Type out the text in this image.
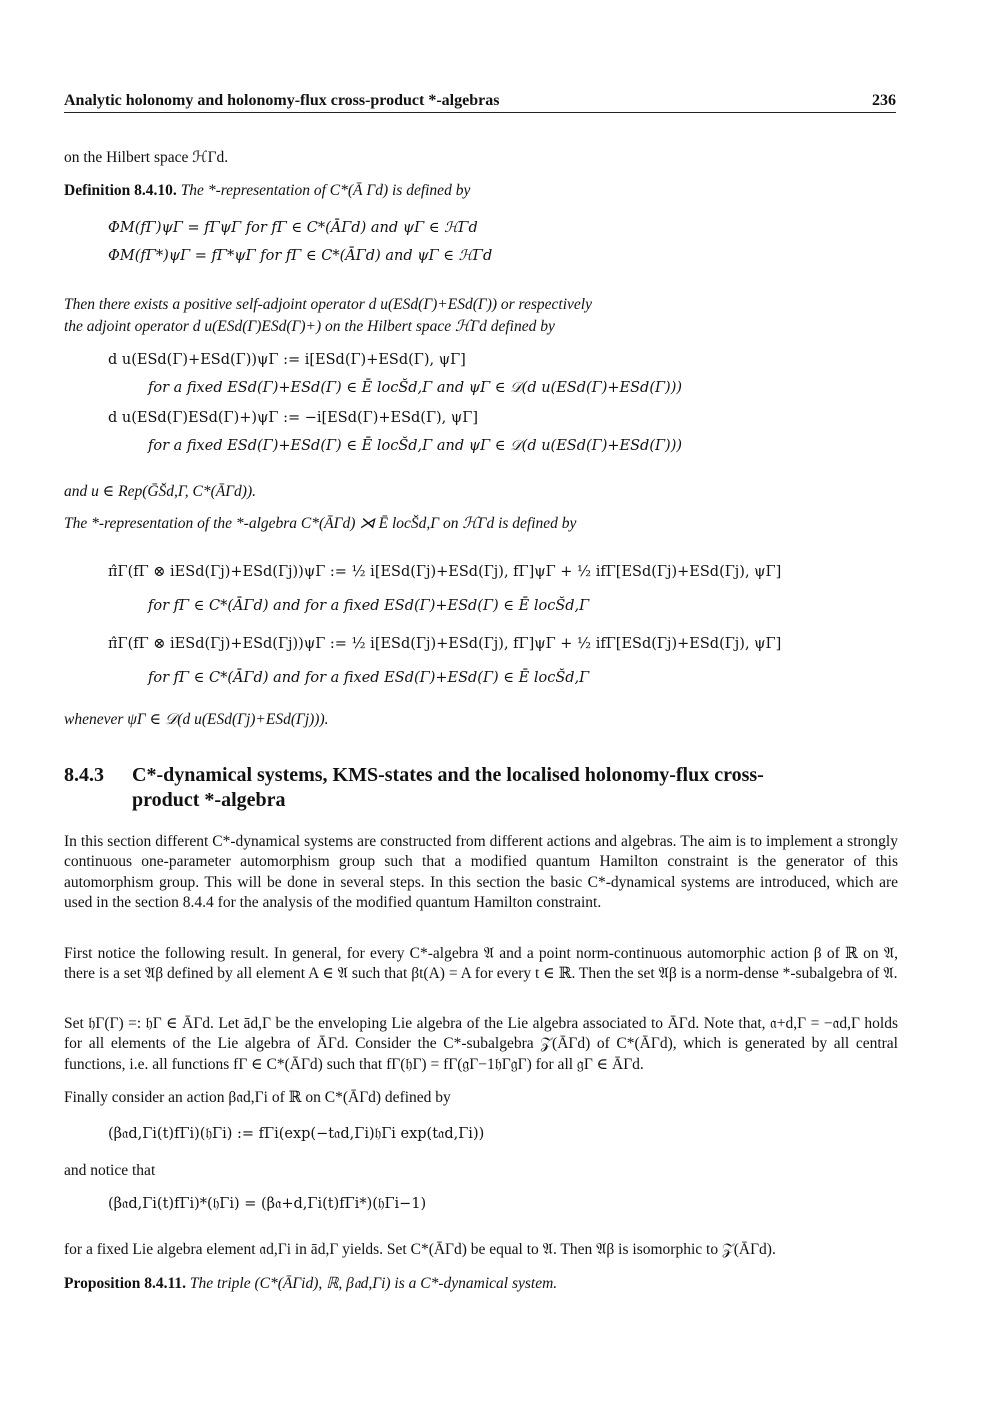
Analytic holonomy and holonomy-flux cross-product *-algebras	236
on the Hilbert space ℋΓd.
Definition 8.4.10. The *-representation of C*(Ā Γd) is defined by
ΦM(fΓ)ψΓ = fΓψΓ for fΓ ∈ C*(ĀΓd) and ψΓ ∈ ℋΓd
ΦM(fΓ*)ψΓ = fΓ*ψΓ for fΓ ∈ C*(ĀΓd) and ψΓ ∈ ℋΓd
Then there exists a positive self-adjoint operator d u(ESd(Γ)+ESd(Γ)) or respectively
the adjoint operator d u(ESd(Γ)ESd(Γ)+) on the Hilbert space ℋΓd defined by
d u(ESd(Γ)+ESd(Γ))ψΓ := i[ESd(Γ)+ESd(Γ), ψΓ]
for a fixed ESd(Γ)+ESd(Γ) ∈ Ē locS̆d,Γ and ψΓ ∈ 𝒟(d u(ESd(Γ)+ESd(Γ)))
d u(ESd(Γ)ESd(Γ)+)ψΓ := −i[ESd(Γ)+ESd(Γ), ψΓ]
for a fixed ESd(Γ)+ESd(Γ) ∈ Ē locS̆d,Γ and ψΓ ∈ 𝒟(d u(ESd(Γ)+ESd(Γ)))
and u ∈ Rep(ḠS̆d,Γ, C*(ĀΓd)).
The *-representation of the *-algebra C*(ĀΓd) ⋊ Ē locS̆d,Γ on ℋΓd is defined by
π̂Γ(fΓ ⊗ iESd(Γj)+ESd(Γj))ψΓ := ½ i[ESd(Γj)+ESd(Γj), fΓ]ψΓ + ½ ifΓ[ESd(Γj)+ESd(Γj), ψΓ]
for fΓ ∈ C*(ĀΓd) and for a fixed ESd(Γ)+ESd(Γ) ∈ Ē locS̆d,Γ
π̂Γ(fΓ ⊗ iESd(Γj)+ESd(Γj))ψΓ := ½ i[ESd(Γj)+ESd(Γj), fΓ]ψΓ + ½ ifΓ[ESd(Γj)+ESd(Γj), ψΓ]
for fΓ ∈ C*(ĀΓd) and for a fixed ESd(Γ)+ESd(Γ) ∈ Ē locS̆d,Γ
whenever ψΓ ∈ 𝒟(d u(ESd(Γj)+ESd(Γj))).
8.4.3 C*-dynamical systems, KMS-states and the localised holonomy-flux cross-
product *-algebra
In this section different C*-dynamical systems are constructed from different actions and algebras. The aim is to implement a strongly continuous one-parameter automorphism group such that a modified quantum Hamilton constraint is the generator of this automorphism group. This will be done in several steps. In this section the basic C*-dynamical systems are introduced, which are used in the section 8.4.4 for the analysis of the modified quantum Hamilton constraint.
First notice the following result. In general, for every C*-algebra 𝔄 and a point norm-continuous automorphic action β of ℝ on 𝔄, there is a set 𝔄β defined by all element A ∈ 𝔄 such that βt(A) = A for every t ∈ ℝ. Then the set 𝔄β is a norm-dense *-subalgebra of 𝔄.
Set 𝔥Γ(Γ) =: 𝔥Γ ∈ ĀΓd. Let ād,Γ be the enveloping Lie algebra of the Lie algebra associated to ĀΓd. Note that, 𝔞+d,Γ = −𝔞d,Γ holds for all elements of the Lie algebra of ĀΓd. Consider the C*-subalgebra 𝒵(ĀΓd) of C*(ĀΓd), which is generated by all central functions, i.e. all functions fΓ ∈ C*(ĀΓd) such that fΓ(𝔥Γ) = fΓ(𝔤Γ−1𝔥Γ𝔤Γ) for all 𝔤Γ ∈ ĀΓd.
Finally consider an action β𝔞d,Γi of ℝ on C*(ĀΓd) defined by
(β𝔞d,Γi(t)fΓi)(𝔥Γi) := fΓi(exp(−t𝔞d,Γi)𝔥Γi exp(t𝔞d,Γi))
and notice that
(β𝔞d,Γi(t)fΓi)*(𝔥Γi) = (β𝔞+d,Γi(t)fΓi*)(𝔥Γi−1)
for a fixed Lie algebra element 𝔞d,Γi in ād,Γ yields. Set C*(ĀΓd) be equal to 𝔄. Then 𝔄β is isomorphic to 𝒵(ĀΓd).
Proposition 8.4.11. The triple (C*(ĀΓid), ℝ, β𝔞d,Γi) is a C*-dynamical system.
